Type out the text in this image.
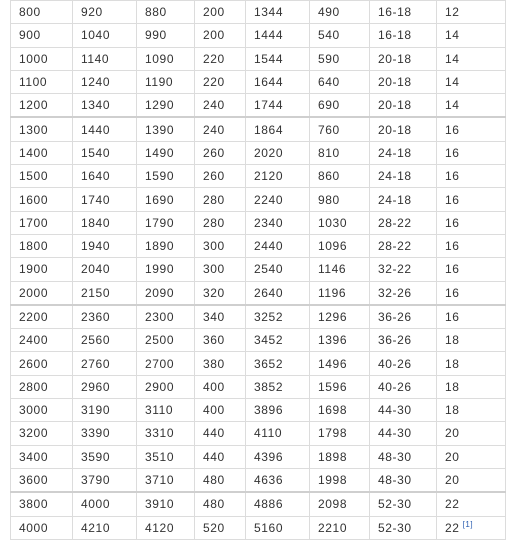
800	920	880	200	1344	490	16-18	12
900	1040	990	200	1444	540	16-18	14
1000	1140	1090	220	1544	590	20-18	14
1100	1240	1190	220	1644	640	20-18	14
1200	1340	1290	240	1744	690	20-18	14
1300	1440	1390	240	1864	760	20-18	16
1400	1540	1490	260	2020	810	24-18	16
1500	1640	1590	260	2120	860	24-18	16
1600	1740	1690	280	2240	980	24-18	16
1700	1840	1790	280	2340	1030	28-22	16
1800	1940	1890	300	2440	1096	28-22	16
1900	2040	1990	300	2540	1146	32-22	16
2000	2150	2090	320	2640	1196	32-26	16
2200	2360	2300	340	3252	1296	36-26	16
2400	2560	2500	360	3452	1396	36-26	18
2600	2760	2700	380	3652	1496	40-26	18
2800	2960	2900	400	3852	1596	40-26	18
3000	3190	3110	400	3896	1698	44-30	18
3200	3390	3310	440	4110	1798	44-30	20
3400	3590	3510	440	4396	1898	48-30	20
3600	3790	3710	480	4636	1998	48-30	20
3800	4000	3910	480	4886	2098	52-30	22
4000	4210	4120	520	5160	2210	52-30	22 [1]
